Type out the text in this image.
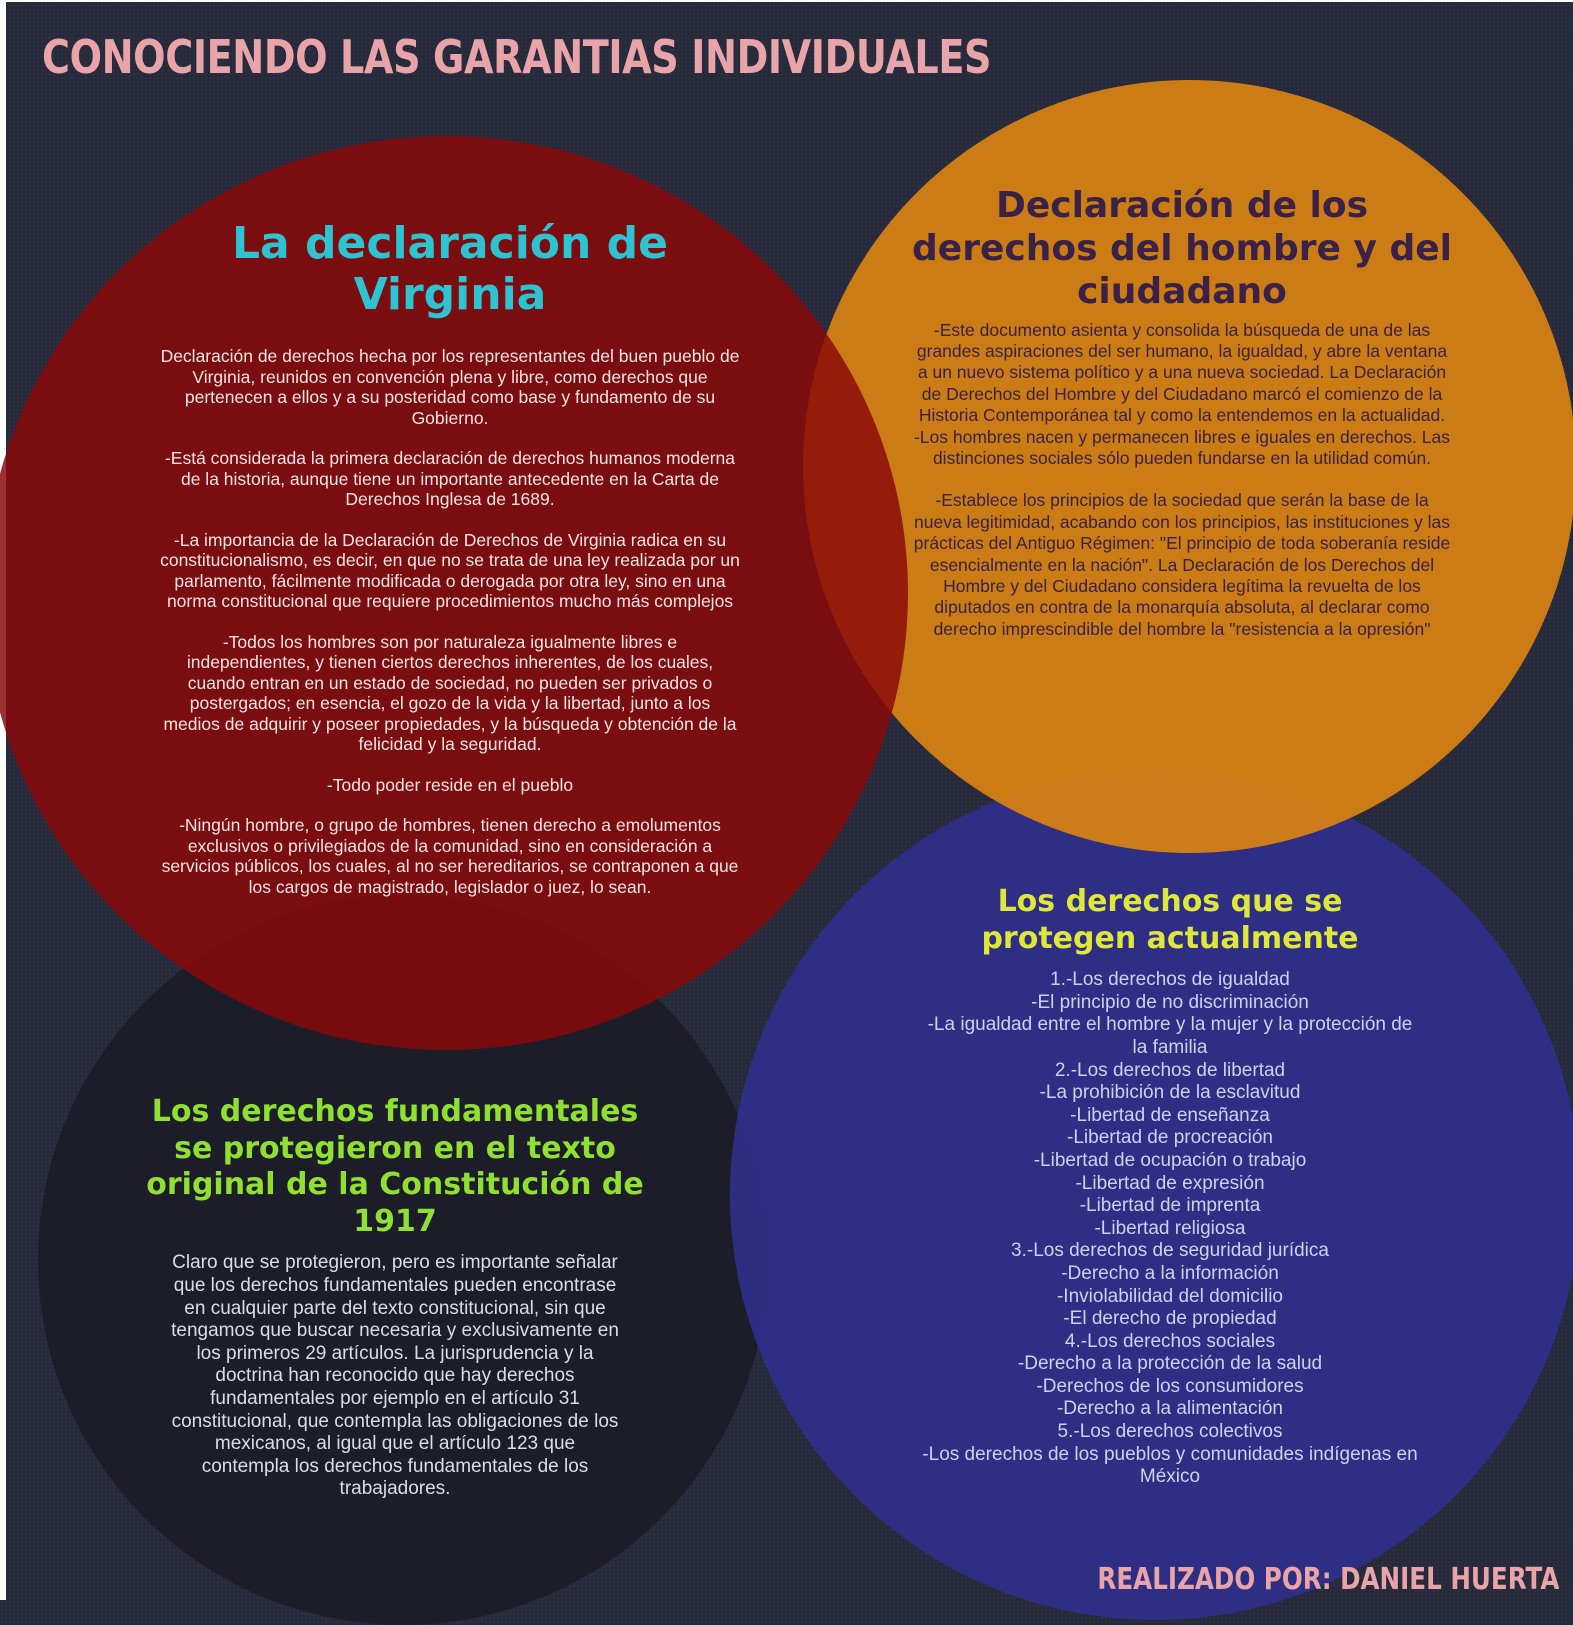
CONOCIENDO LAS GARANTIAS INDIVIDUALES
La declaración de Virginia

Declaración de derechos hecha por los representantes del buen pueblo de Virginia, reunidos en convención plena y libre, como derechos que pertenecen a ellos y a su posteridad como base y fundamento de su Gobierno.

-Está considerada la primera declaración de derechos humanos moderna de la historia, aunque tiene un importante antecedente en la Carta de Derechos Inglesa de 1689.

-La importancia de la Declaración de Derechos de Virginia radica en su constitucionalismo, es decir, en que no se trata de una ley realizada por un parlamento, fácilmente modificada o derogada por otra ley, sino en una norma constitucional que requiere procedimientos mucho más complejos

-Todos los hombres son por naturaleza igualmente libres e independientes, y tienen ciertos derechos inherentes, de los cuales, cuando entran en un estado de sociedad, no pueden ser privados o postergados; en esencia, el gozo de la vida y la libertad, junto a los medios de adquirir y poseer propiedades, y la búsqueda y obtención de la felicidad y la seguridad.

-Todo poder reside en el pueblo

-Ningún hombre, o grupo de hombres, tienen derecho a emolumentos exclusivos o privilegiados de la comunidad, sino en consideración a servicios públicos, los cuales, al no ser hereditarios, se contraponen a que los cargos de magistrado, legislador o juez, lo sean.

Declaración de los derechos del hombre y del ciudadano

-Este documento asienta y consolida la búsqueda de una de las grandes aspiraciones del ser humano, la igualdad, y abre la ventana a un nuevo sistema político y a una nueva sociedad. La Declaración de Derechos del Hombre y del Ciudadano marcó el comienzo de la Historia Contemporánea tal y como la entendemos en la actualidad.

-Los hombres nacen y permanecen libres e iguales en derechos. Las distinciones sociales sólo pueden fundarse en la utilidad común.

-Establece los principios de la sociedad que serán la base de la nueva legitimidad, acabando con los principios, las instituciones y las prácticas del Antiguo Régimen: "El principio de toda soberanía reside esencialmente en la nación". La Declaración de los Derechos del Hombre y del Ciudadano considera legítima la revuelta de los diputados en contra de la monarquía absoluta, al declarar como derecho imprescindible del hombre la "resistencia a la opresión"

Los derechos que se protegen actualmente

1.-Los derechos de igualdad

-El principio de no discriminación

-La igualdad entre el hombre y la mujer y la protección de la familia

2.-Los derechos de libertad

-La prohibición de la esclavitud

-Libertad de enseñanza

-Libertad de procreación

-Libertad de ocupación o trabajo

-Libertad de expresión

-Libertad de imprenta

-Libertad religiosa

3.-Los derechos de seguridad jurídica

-Derecho a la información

-Inviolabilidad del domicilio

-El derecho de propiedad

4.-Los derechos sociales

-Derecho a la protección de la salud

-Derechos de los consumidores

-Derecho a la alimentación

5.-Los derechos colectivos

-Los derechos de los pueblos y comunidades indígenas en México

Los derechos fundamentales se protegieron en el texto original de la Constitución de 1917

Claro que se protegieron, pero es importante señalar que los derechos fundamentales pueden encontrase en cualquier parte del texto constitucional, sin que tengamos que buscar necesaria y exclusivamente en los primeros 29 artículos. La jurisprudencia y la doctrina han reconocido que hay derechos fundamentales por ejemplo en el artículo 31 constitucional, que contempla las obligaciones de los mexicanos, al igual que el artículo 123 que contempla los derechos fundamentales de los trabajadores.

REALIZADO POR: DANIEL HUERTA
